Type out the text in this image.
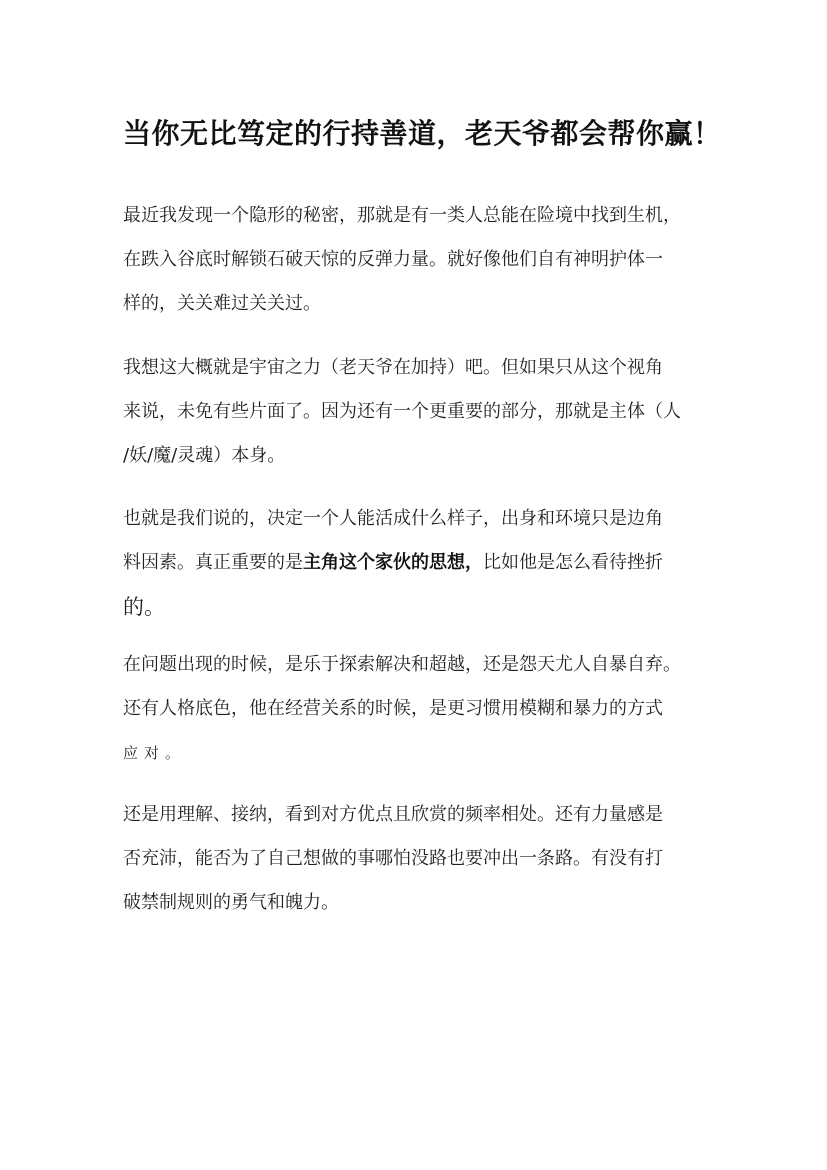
当你无比笃定的行持善道，老天爷都会帮你赢！
最近我发现一个隐形的秘密，那就是有一类人总能在险境中找到生机，
在跌入谷底时解锁石破天惊的反弹力量。就好像他们自有神明护体一
样的，关关难过关关过。
我想这大概就是宇宙之力（老天爷在加持）吧。但如果只从这个视角
来说，未免有些片面了。因为还有一个更重要的部分，那就是主体（人
/妖/魔/灵魂）本身。
也就是我们说的，决定一个人能活成什么样子，出身和环境只是边角
料因素。真正重要的是主角这个家伙的思想，比如他是怎么看待挫折
的。
在问题出现的时候，是乐于探索解决和超越，还是怨天尤人自暴自弃。
还有人格底色，他在经营关系的时候，是更习惯用模糊和暴力的方式
应对。
还是用理解、接纳，看到对方优点且欣赏的频率相处。还有力量感是
否充沛，能否为了自己想做的事哪怕没路也要冲出一条路。有没有打
破禁制规则的勇气和魄力。
